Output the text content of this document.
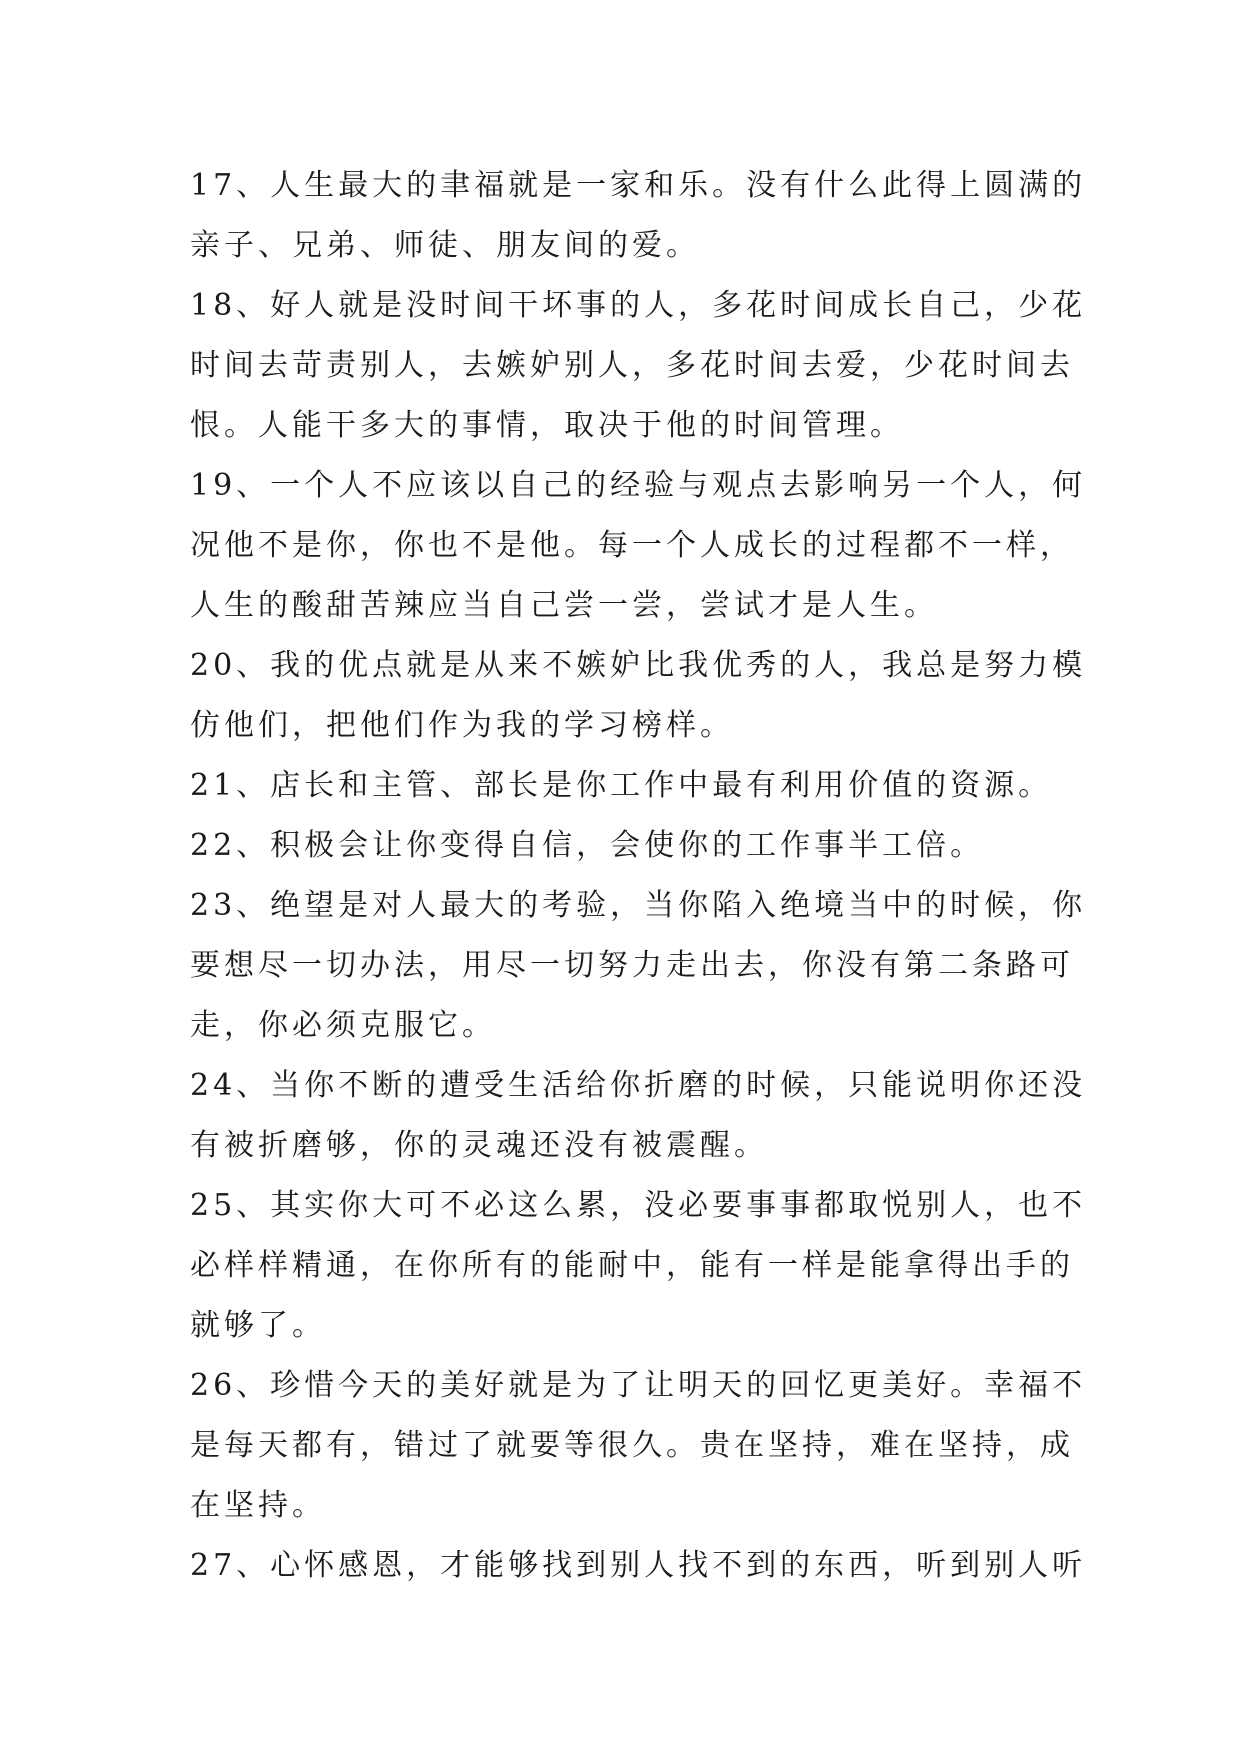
17、人生最大的聿福就是一家和乐。没有什么此得上圆满的
亲子、兄弟、师徒、朋友间的爱。
18、好人就是没时间干坏事的人，多花时间成长自己，少花
时间去苛责别人，去嫉妒别人，多花时间去爱，少花时间去
恨。人能干多大的事情，取决于他的时间管理。
19、一个人不应该以自己的经验与观点去影响另一个人，何
况他不是你，你也不是他。每一个人成长的过程都不一样，
人生的酸甜苦辣应当自己尝一尝，尝试才是人生。
20、我的优点就是从来不嫉妒比我优秀的人，我总是努力模
仿他们，把他们作为我的学习榜样。
21、店长和主管、部长是你工作中最有利用价值的资源。
22、积极会让你变得自信，会使你的工作事半工倍。
23、绝望是对人最大的考验，当你陷入绝境当中的时候，你
要想尽一切办法，用尽一切努力走出去，你没有第二条路可
走，你必须克服它。
24、当你不断的遭受生活给你折磨的时候，只能说明你还没
有被折磨够，你的灵魂还没有被震醒。
25、其实你大可不必这么累，没必要事事都取悦别人，也不
必样样精通，在你所有的能耐中，能有一样是能拿得出手的
就够了。
26、珍惜今天的美好就是为了让明天的回忆更美好。幸福不
是每天都有，错过了就要等很久。贵在坚持，难在坚持，成
在坚持。
27、心怀感恩，才能够找到别人找不到的东西，听到别人听
